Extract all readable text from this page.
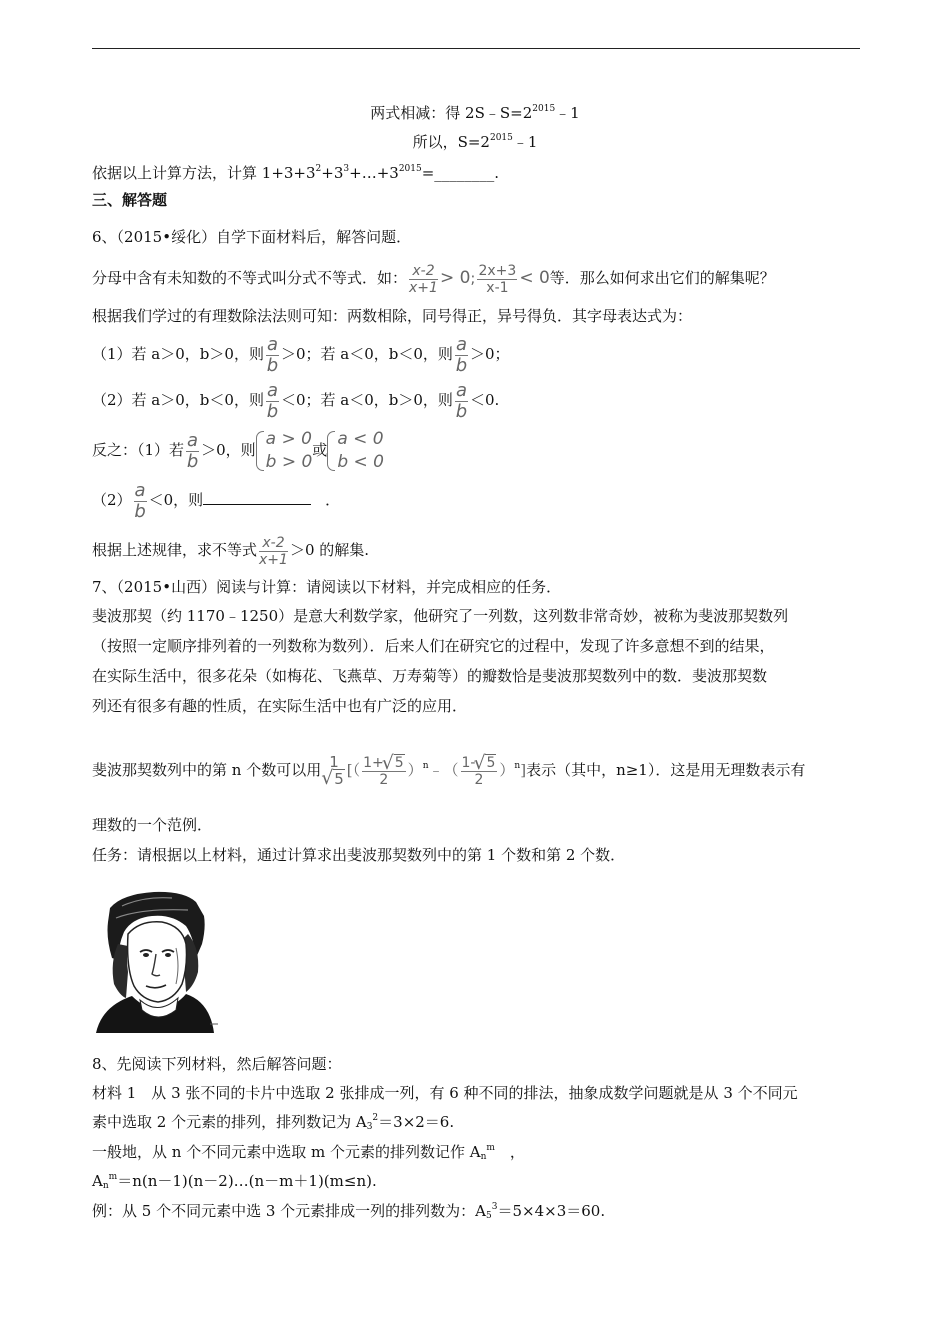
两式相减：得 $2S﹣S=2^{2015}﹣1$
所以，$S=2^{2015}﹣1$
依据以上计算方法，计算 $1+3+3^2+3^3+\dots+3^{2015}=\_\_\_\_\_\_\_\_$.
三、解答题
6、（2015•绥化）自学下面材料后，解答问题．
分母中含有未知数的不等式叫分式不等式．如： $\frac{x-2}{x+1} > 0$; $\frac{2x+3}{x-1} < 0$等．那么如何求出它们的解集呢？
根据我们学过的有理数除法法则可知：两数相除，同号得正，异号得负．其字母表达式为：
（1）若 a＞0，b＞0，则 $\frac{a}{b} >0$；若 a＜0，b＜0，则 $\frac{a}{b} >0$；
（2）若 a＞0，b＜0，则 $\frac{a}{b} <0$；若 a＜0，b＞0，则 $\frac{a}{b} <0$.
反之：（1）若 $\frac{a}{b} >0$，则
a > 0
b > 0
或
a < 0
b < 0
$(2) \frac{a}{b} <0$，则	．
根据上述规律，求不等式 $\frac{x-2}{x+1} >0$ 的解集.
7、（2015•山西）阅读与计算：请阅读以下材料，并完成相应的任务．
斐波那契（约 1170﹣1250）是意大利数学家，他研究了一列数，这列数非常奇妙，被称为斐波那契数列
（按照一定顺序排列着的一列数称为数列）．后来人们在研究它的过程中，发现了许多意想不到的结果，
在实际生活中，很多花朵（如梅花、飞燕草、万寿菊等）的瓣数恰是斐波那契数列中的数．斐波那契数
列还有很多有趣的性质，在实际生活中也有广泛的应用．
斐波那契数列中的第 n 个数可以用 1
√ 5 [（ $\frac{1+ √ 5}{2}$ ）$^n$﹣（ $\frac{1- √ 5}{2} )^n$]表示（其中，n≥1）．这是用无理数表示有
理数的一个范例．
任务：请根据以上材料，通过计算求出斐波那契数列中的第 1 个数和第 2 个数．
8、先阅读下列材料，然后解答问题：
材料 1　从 3 张不同的卡片中选取 2 张排成一列，有 6 种不同的排法，抽象成数学问题就是从 3 个不同元
素中选取 2 个元素的排列，排列数记为 $A_3^2=3\times 2=6$.
一般地，从 n 个不同元素中选取 m 个元素的排列数记作 $A_n^m$　，
$A_n^m=n(n-1)(n-2)\dots(n-m+1)(m\le n)$.
例：从 5 个不同元素中选 3 个元素排成一列的排列数为：$A_5^3=5\times 4\times 3=60$.
